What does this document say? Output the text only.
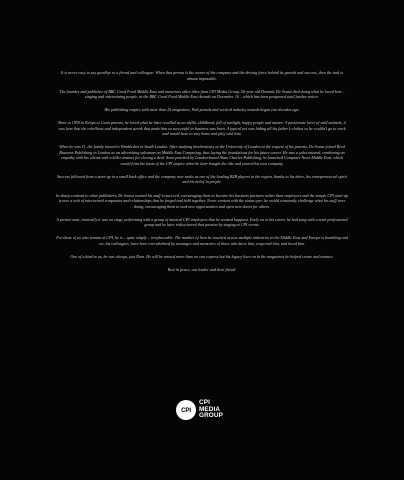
It is never easy to say goodbye to a friend and colleague. When that person is the owner of the company and the driving force behind its growth and success, then the task is almost impossible.

The founder and publisher of BBC Good Food Middle East and numerous other titles from CPI Media Group, 56-year old Dominic De Sousa died doing what he loved best – singing and entertaining people, at the BBC Good Food Middle East Awards on December 16 – which has been postponed until further notice.

His publishing empire with more than 25 magazines, Web portals and vertical industry awards began two decades ago.

Born in 1959 in Kenya to Goan parents, he loved what he later recalled as an idyllic childhood, full of sunlight, happy people and nature. A passionate lover of wild animals, it was here that the rebellious and independent streak that made him so successful in business was born. A typical act was hiding all his father’s clothes so he couldn’t go to work and would have to stay home and play with him.

When he was 11, the family moved to Wimbledon in South London. After studying biochemistry at the University of London at the request of his parents, De Sousa joined Reed Business Publishing in London as an advertising salesman on Middle East Computing, thus laying the foundations for his future career. He was a sales natural, combining an empathy with his clients with a killer instinct for closing a deal. Soon poached by London-based Alain Charles Publishing, he launched Computer News Middle East, which would form the basis of the CPI empire when he later bought the title and started his own company.

Success followed from a start-up in a small back office and the company now ranks as one of the leading B2B players in the region, thanks to his drive, his entrepreneurial spirit and his belief in people.

In sharp contrast to other publishers, De Sousa wanted his staff to succeed, encouraging them to become his business partners rather than employees and the simple CPI start-up is now a web of intertwined companies and relationships that he forged and held together. Never content with the status quo; he would constantly challenge what his staff were doing, encouraging them to seek new opportunities and open new doors for others.

A private man, ironically it was on stage performing with a group of musical CPI employees that he seemed happiest. Early on in his career he had sung with a semi-professional group and he later rediscovered that passion by singing at CPI events.

For those of us who remain at CPI, he is – quite simply – irreplaceable. The number of lives he touched across multiple industries in the Middle East and Europe is humbling and we, his colleagues, have been overwhelmed by messages and memories of those who knew him, respected him, and loved him.

One of a kind to us, he was always, just Dom. He will be missed more than we can express but his legacy lives on in the magazines he helped create and nurture.

Rest in peace, our leader and dear friend.

CPI
CPI
MEDIA
GROUP
